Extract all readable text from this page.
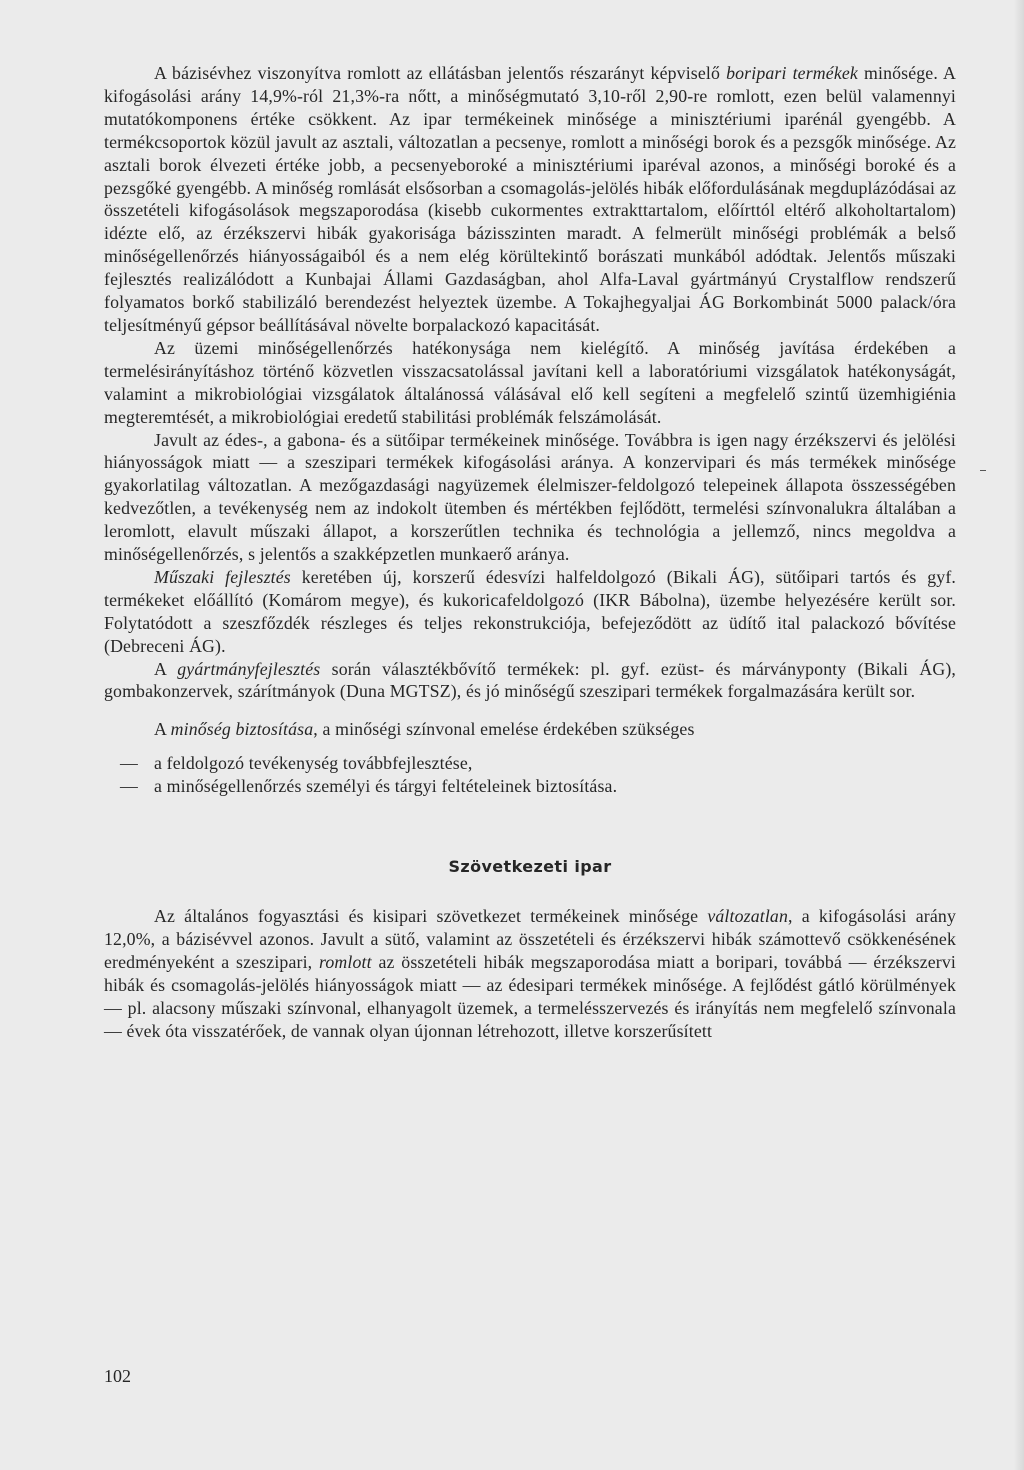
A bázisévhez viszonyítva romlott az ellátásban jelentős részarányt képviselő boripari termékek minősége. A kifogásolási arány 14,9%-ról 21,3%-ra nőtt, a minőségmutató 3,10-ről 2,90-re romlott, ezen belül valamennyi mutatókomponens értéke csökkent. Az ipar termékeinek minősége a minisztériumi iparénál gyengébb. A termékcsoportok közül javult az asztali, változatlan a pecsenye, romlott a minőségi borok és a pezsgők minősége. Az asztali borok élvezeti értéke jobb, a pecsenyeboroké a minisztériumi iparéval azonos, a minőségi boroké és a pezsgőké gyengébb. A minőség romlását elsősorban a csomagolás-jelölés hibák előfordulásának megduplázódásai az összetételi kifogásolások megszaporodása (kisebb cukormentes extrakttartalom, előírttól eltérő alkoholtartalom) idézte elő, az érzékszervi hibák gyakorisága bázisszinten maradt. A felmerült minőségi problémák a belső minőségellenőrzés hiányosságaiból és a nem elég körültekintő borászati munkából adódtak. Jelentős műszaki fejlesztés realizálódott a Kunbajai Állami Gazdaságban, ahol Alfa-Laval gyártmányú Crystalflow rendszerű folyamatos borkő stabilizáló berendezést helyeztek üzembe. A Tokajhegyaljai ÁG Borkombinát 5000 palack/óra teljesítményű gépsor beállításával növelte borpalackozó kapacitását.

Az üzemi minőségellenőrzés hatékonysága nem kielégítő. A minőség javítása érdekében a termelésirányításhoz történő közvetlen visszacsatolással javítani kell a laboratóriumi vizsgálatok hatékonyságát, valamint a mikrobiológiai vizsgálatok általánossá válásával elő kell segíteni a megfelelő szintű üzemhigiénia megteremtését, a mikrobiológiai eredetű stabilitási problémák felszámolását.

Javult az édes-, a gabona- és a sütőipar termékeinek minősége. Továbbra is igen nagy érzékszervi és jelölési hiányosságok miatt — a szeszipari termékek kifogásolási aránya. A konzervipari és más termékek minősége gyakorlatilag változatlan. A mezőgazdasági nagyüzemek élelmiszer-feldolgozó telepeinek állapota összességében kedvezőtlen, a tevékenység nem az indokolt ütemben és mértékben fejlődött, termelési színvonalukra általában a leromlott, elavult műszaki állapot, a korszerűtlen technika és technológia a jellemző, nincs megoldva a minőségellenőrzés, s jelentős a szakképzetlen munkaerő aránya.

Műszaki fejlesztés keretében új, korszerű édesvízi halfeldolgozó (Bikali ÁG), sütőipari tartós és gyf. termékeket előállító (Komárom megye), és kukoricafeldolgozó (IKR Bábolna), üzembe helyezésére került sor. Folytatódott a szeszfőzdék részleges és teljes rekonstrukciója, befejeződött az üdítő ital palackozó bővítése (Debreceni ÁG).

A gyártmányfejlesztés során választékbővítő termékek: pl. gyf. ezüst- és márványponty (Bikali ÁG), gombakonzervek, szárítmányok (Duna MGTSZ), és jó minőségű szeszipari termékek forgalmazására került sor.

A minőség biztosítása, a minőségi színvonal emelése érdekében szükséges

— a feldolgozó tevékenység továbbfejlesztése,
— a minőségellenőrzés személyi és tárgyi feltételeinek biztosítása.
Szövetkezeti ipar

Az általános fogyasztási és kisipari szövetkezet termékeinek minősége változatlan, a kifogásolási arány 12,0%, a bázisévvel azonos. Javult a sütő, valamint az összetételi és érzékszervi hibák számottevő csökkenésének eredményeként a szeszipari, romlott az összetételi hibák megszaporodása miatt a boripari, továbbá — érzékszervi hibák és csomagolás-jelölés hiányosságok miatt — az édesipari termékek minősége. A fejlődést gátló körülmények — pl. alacsony műszaki színvonal, elhanyagolt üzemek, a termelésszervezés és irányítás nem megfelelő színvonala — évek óta visszatérőek, de vannak olyan újonnan létrehozott, illetve korszerűsített

102
